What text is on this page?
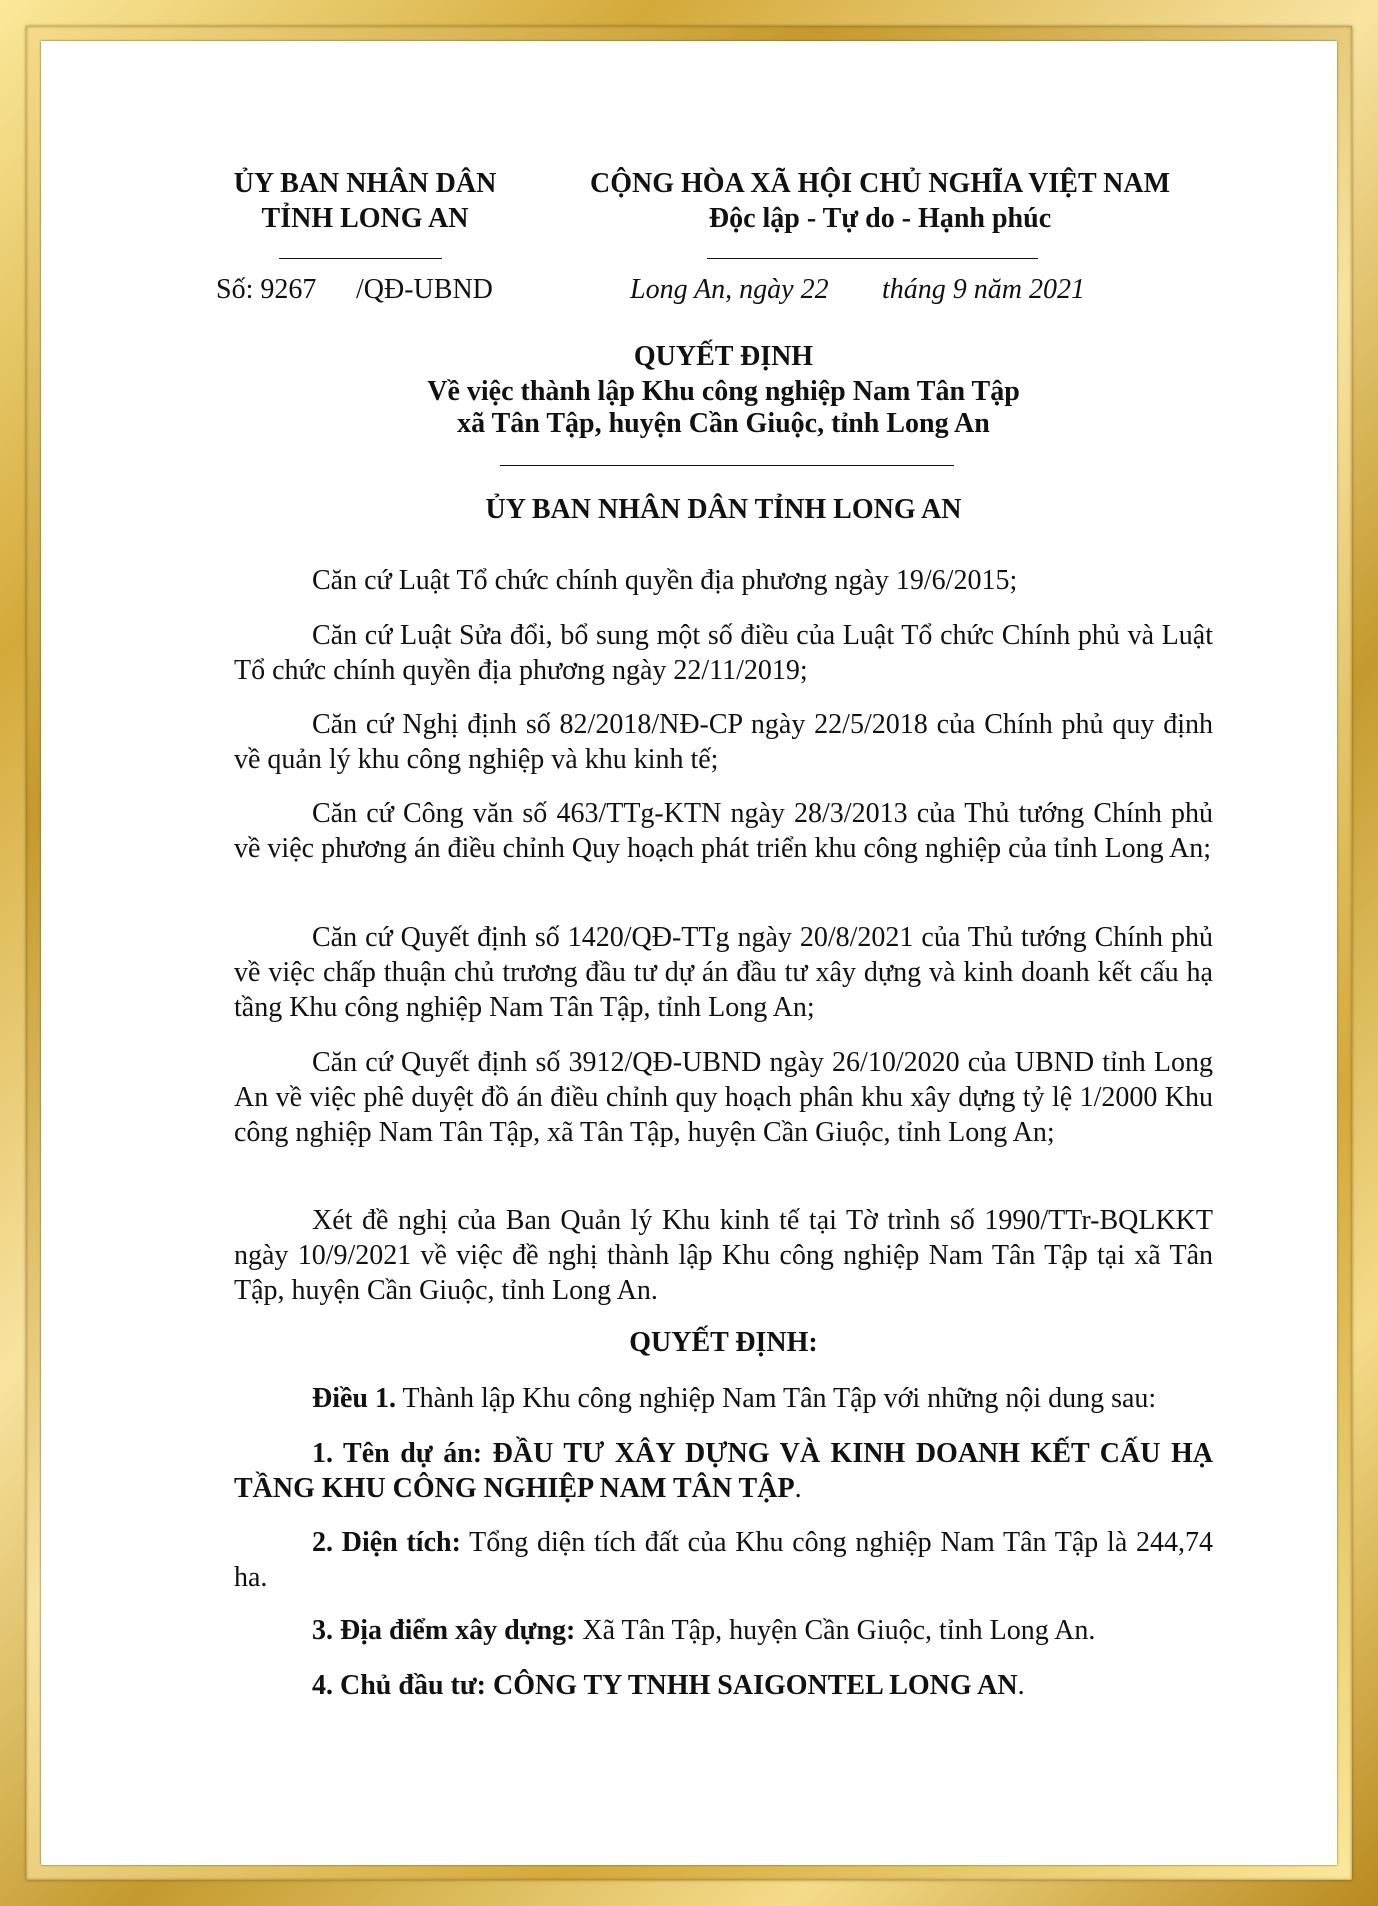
ỦY BAN NHÂN DÂN
TỈNH LONG AN
CỘNG HÒA XÃ HỘI CHỦ NGHĨA VIỆT NAM
Độc lập - Tự do - Hạnh phúc
Số: 9267 /QĐ-UBND	Long An, ngày 22 tháng 9 năm 2021
QUYẾT ĐỊNH
Về việc thành lập Khu công nghiệp Nam Tân Tập
xã Tân Tập, huyện Cần Giuộc, tỉnh Long An
ỦY BAN NHÂN DÂN TỈNH LONG AN

Căn cứ Luật Tổ chức chính quyền địa phương ngày 19/6/2015;

Căn cứ Luật Sửa đổi, bổ sung một số điều của Luật Tổ chức Chính phủ và Luật Tổ chức chính quyền địa phương ngày 22/11/2019;

Căn cứ Nghị định số 82/2018/NĐ-CP ngày 22/5/2018 của Chính phủ quy định về quản lý khu công nghiệp và khu kinh tế;

Căn cứ Công văn số 463/TTg-KTN ngày 28/3/2013 của Thủ tướng Chính phủ về việc phương án điều chỉnh Quy hoạch phát triển khu công nghiệp của tỉnh Long An;

Căn cứ Quyết định số 1420/QĐ-TTg ngày 20/8/2021 của Thủ tướng Chính phủ về việc chấp thuận chủ trương đầu tư dự án đầu tư xây dựng và kinh doanh kết cấu hạ tầng Khu công nghiệp Nam Tân Tập, tỉnh Long An;

Căn cứ Quyết định số 3912/QĐ-UBND ngày 26/10/2020 của UBND tỉnh Long An về việc phê duyệt đồ án điều chỉnh quy hoạch phân khu xây dựng tỷ lệ 1/2000 Khu công nghiệp Nam Tân Tập, xã Tân Tập, huyện Cần Giuộc, tỉnh Long An;

Xét đề nghị của Ban Quản lý Khu kinh tế tại Tờ trình số 1990/TTr-BQLKKT ngày 10/9/2021 về việc đề nghị thành lập Khu công nghiệp Nam Tân Tập tại xã Tân Tập, huyện Cần Giuộc, tỉnh Long An.

QUYẾT ĐỊNH:

Điều 1. Thành lập Khu công nghiệp Nam Tân Tập với những nội dung sau:

1. Tên dự án: ĐẦU TƯ XÂY DỰNG VÀ KINH DOANH KẾT CẤU HẠ TẦNG KHU CÔNG NGHIỆP NAM TÂN TẬP.

2. Diện tích: Tổng diện tích đất của Khu công nghiệp Nam Tân Tập là 244,74 ha.

3. Địa điểm xây dựng: Xã Tân Tập, huyện Cần Giuộc, tỉnh Long An.

4. Chủ đầu tư: CÔNG TY TNHH SAIGONTEL LONG AN.
